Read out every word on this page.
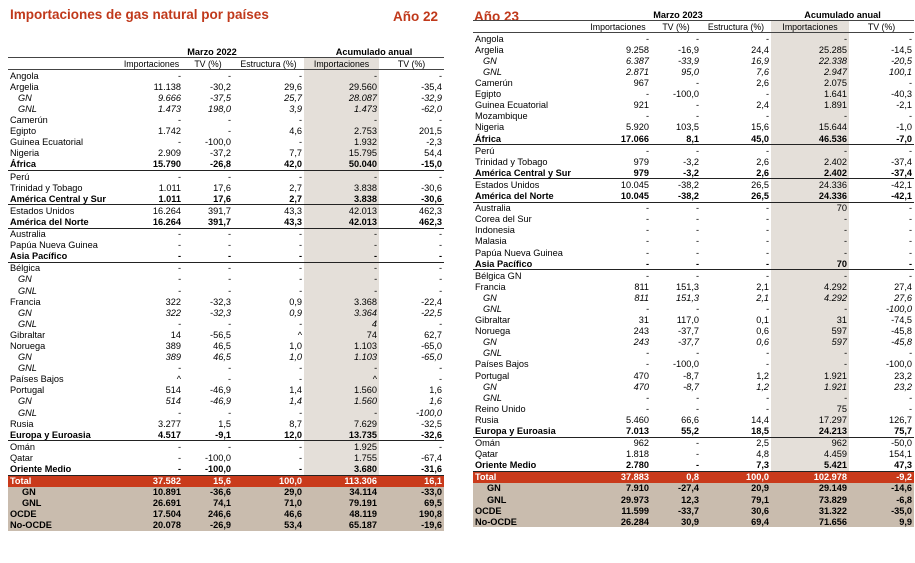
Importaciones de gas natural por países	Año 22
	Marzo 2022			Acumulado anual	
	Importaciones	TV (%)	Estructura (%)	Importaciones	TV (%)
Angola	-	-	-	-	-
Argelia	11.138	-30,2	29,6	29.560	-35,4
GN	9.666	-37,5	25,7	28.087	-32,9
GNL	1.473	198,0	3,9	1.473	-62,0
Camerún	-	-	-	-	-
Egipto	1.742	-	4,6	2.753	201,5
Guinea Ecuatorial	-	-100,0	-	1.932	-2,3
Nigeria	2.909	-37,2	7,7	15.795	54,4
África	15.790	-26,8	42,0	50.040	-15,0
Perú	-	-	-	-	-
Trinidad y Tobago	1.011	17,6	2,7	3.838	-30,6
América Central y Sur	1.011	17,6	2,7	3.838	-30,6
Estados Unidos	16.264	391,7	43,3	42.013	462,3
América del Norte	16.264	391,7	43,3	42.013	462,3
Australia	-	-	-	-	-
Papúa Nueva Guinea	-	-	-	-	-
Asia Pacífico	-	-	-	-	-
Bélgica	-	-	-	-	-
GN	-	-	-	-	-
GNL	-	-	-	-	-
Francia	322	-32,3	0,9	3.368	-22,4
GN	322	-32,3	0,9	3.364	-22,5
GNL	-	-	-	4	-
Gibraltar	14	-56,5	^	74	62,7
Noruega	389	46,5	1,0	1.103	-65,0
GN	389	46,5	1,0	1.103	-65,0
GNL	-	-	-	-	-
Países Bajos	^	-	-	^	-
Portugal	514	-46,9	1,4	1.560	1,6
GN	514	-46,9	1,4	1.560	1,6
GNL	-	-	-	-	-100,0
Rusia	3.277	1,5	8,7	7.629	-32,5
Europa y Euroasia	4.517	-9,1	12,0	13.735	-32,6
Omán	-	-	-	1.925	-
Qatar	-	-100,0	-	1.755	-67,4
Oriente Medio	-	-100,0	-	3.680	-31,6
Total	37.582	15,6	100,0	113.306	16,1
GN	10.891	-36,6	29,0	34.114	-33,0
GNL	26.691	74,1	71,0	79.191	69,5
OCDE	17.504	246,6	46,6	48.119	190,8
No-OCDE	20.078	-26,9	53,4	65.187	-19,6
Año 23
		Marzo 2023			Acumulado anual	
	Importaciones	TV (%)	Estructura (%)	Importaciones	TV (%)
Angola	-	-	-	-	-
Argelia	9.258	-16,9	24,4	25.285	-14,5
GN	6.387	-33,9	16,9	22.338	-20,5
GNL	2.871	95,0	7,6	2.947	100,1
Camerún	967	-	2,6	2.075	-
Egipto	-	-100,0	-	1.641	-40,3
Guinea Ecuatorial	921	-	2,4	1.891	-2,1
Mozambique	-	-	-	-	-
Nigeria	5.920	103,5	15,6	15.644	-1,0
África	17.066	8,1	45,0	46.536	-7,0
Perú	-	-	-	-	-
Trinidad y Tobago	979	-3,2	2,6	2.402	-37,4
América Central y Sur	979	-3,2	2,6	2.402	-37,4
Estados Unidos	10.045	-38,2	26,5	24.336	-42,1
América del Norte	10.045	-38,2	26,5	24.336	-42,1
Australia	-	-	-	70	-
Corea del Sur	-	-	-	-	-
Indonesia	-	-	-	-	-
Malasia	-	-	-	-	-
Papúa Nueva Guinea	-	-	-	-	-
Asia Pacífico	-	-	-	70	-
Bélgica GN	-	-	-	-	-
Francia	811	151,3	2,1	4.292	27,4
GN	811	151,3	2,1	4.292	27,6
GNL	-	-	-	-	-100,0
Gibraltar	31	117,0	0,1	31	-74,5
Noruega	243	-37,7	0,6	597	-45,8
GN	243	-37,7	0,6	597	-45,8
GNL	-	-	-	-	-
Países Bajos	-	-100,0	-	-	-100,0
Portugal	470	-8,7	1,2	1.921	23,2
GN	470	-8,7	1,2	1.921	23,2
GNL	-	-	-	-	-
Reino Unido	-	-	-	75	-
Rusia	5.460	66,6	14,4	17.297	126,7
Europa y Euroasia	7.013	55,2	18,5	24.213	75,7
Omán	962	-	2,5	962	-50,0
Qatar	1.818	-	4,8	4.459	154,1
Oriente Medio	2.780	-	7,3	5.421	47,3
Total	37.883	0,8	100,0	102.978	-9,2
GN	7.910	-27,4	20,9	29.149	-14,6
GNL	29.973	12,3	79,1	73.829	-6,8
OCDE	11.599	-33,7	30,6	31.322	-35,0
No-OCDE	26.284	30,9	69,4	71.656	9,9
